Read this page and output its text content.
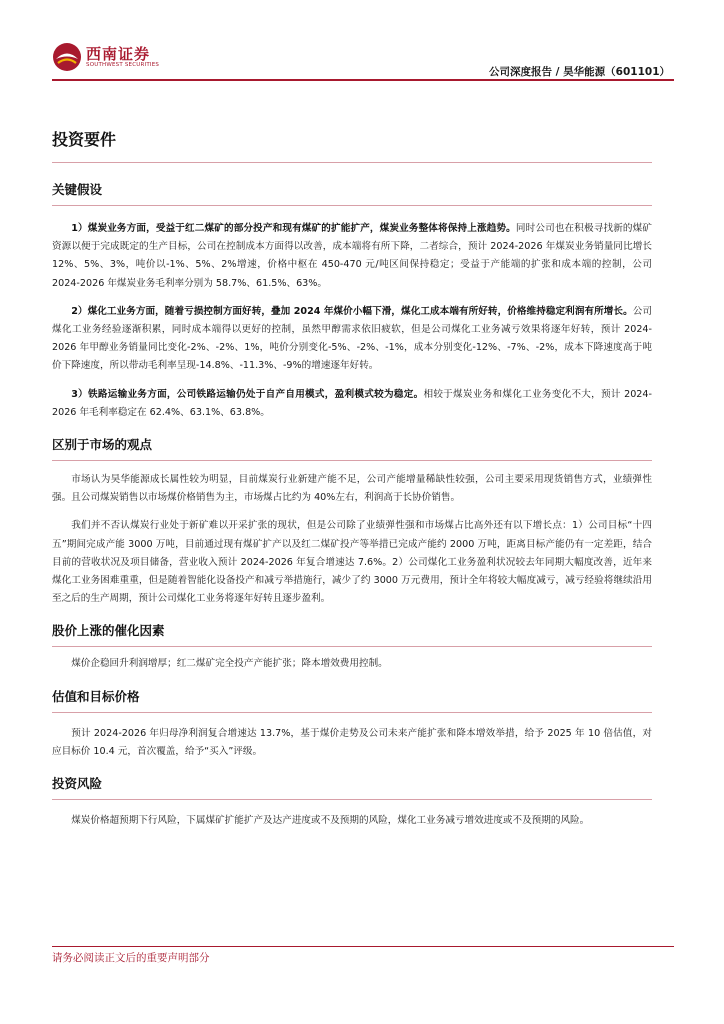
西南证券
SOUTHWEST SECURITIES
公司深度报告 / 昊华能源（601101）
投资要件
关键假设

1）煤炭业务方面，受益于红二煤矿的部分投产和现有煤矿的扩能扩产，煤炭业务整体将保持上涨趋势。同时公司也在积极寻找新的煤矿资源以便于完成既定的生产目标，公司在控制成本方面得以改善，成本端将有所下降，二者综合，预计 2024-2026 年煤炭业务销量同比增长 12%、5%、3%，吨价以-1%、5%、2%增速，价格中枢在 450-470 元/吨区间保持稳定；受益于产能端的扩张和成本端的控制，公司 2024-2026 年煤炭业务毛利率分别为 58.7%、61.5%、63%。

2）煤化工业务方面，随着亏损控制方面好转，叠加 2024 年煤价小幅下滑，煤化工成本端有所好转，价格维持稳定利润有所增长。公司煤化工业务经验逐渐积累，同时成本端得以更好的控制，虽然甲醇需求依旧疲软，但是公司煤化工业务减亏效果将逐年好转，预计 2024-2026 年甲醇业务销量同比变化-2%、-2%、1%，吨价分别变化-5%、-2%、-1%，成本分别变化-12%、-7%、-2%，成本下降速度高于吨价下降速度，所以带动毛利率呈现-14.8%、-11.3%、-9%的增速逐年好转。

3）铁路运输业务方面，公司铁路运输仍处于自产自用模式，盈利模式较为稳定。相较于煤炭业务和煤化工业务变化不大，预计 2024-2026 年毛利率稳定在 62.4%、63.1%、63.8%。

区别于市场的观点

市场认为昊华能源成长属性较为明显，目前煤炭行业新建产能不足，公司产能增量稀缺性较强，公司主要采用现货销售方式，业绩弹性强。且公司煤炭销售以市场煤价格销售为主，市场煤占比约为 40%左右，利润高于长协价销售。

我们并不否认煤炭行业处于新矿难以开采扩张的现状，但是公司除了业绩弹性强和市场煤占比高外还有以下增长点：1）公司目标“十四五”期间完成产能 3000 万吨，目前通过现有煤矿扩产以及红二煤矿投产等举措已完成产能约 2000 万吨，距离目标产能仍有一定差距，结合目前的营收状况及项目储备，营业收入预计 2024-2026 年复合增速达 7.6%。2）公司煤化工业务盈利状况较去年同期大幅度改善，近年来煤化工业务困难重重，但是随着智能化设备投产和减亏举措施行，减少了约 3000 万元费用，预计全年将较大幅度减亏，减亏经验将继续沿用至之后的生产周期，预计公司煤化工业务将逐年好转且逐步盈利。

股价上涨的催化因素

煤价企稳回升利润增厚；红二煤矿完全投产产能扩张；降本增效费用控制。

估值和目标价格

预计 2024-2026 年归母净利润复合增速达 13.7%，基于煤价走势及公司未来产能扩张和降本增效举措，给予 2025 年 10 倍估值，对应目标价 10.4 元，首次覆盖，给予“买入”评级。

投资风险

煤炭价格超预期下行风险，下属煤矿扩能扩产及达产进度或不及预期的风险，煤化工业务减亏增效进度或不及预期的风险。

请务必阅读正文后的重要声明部分
